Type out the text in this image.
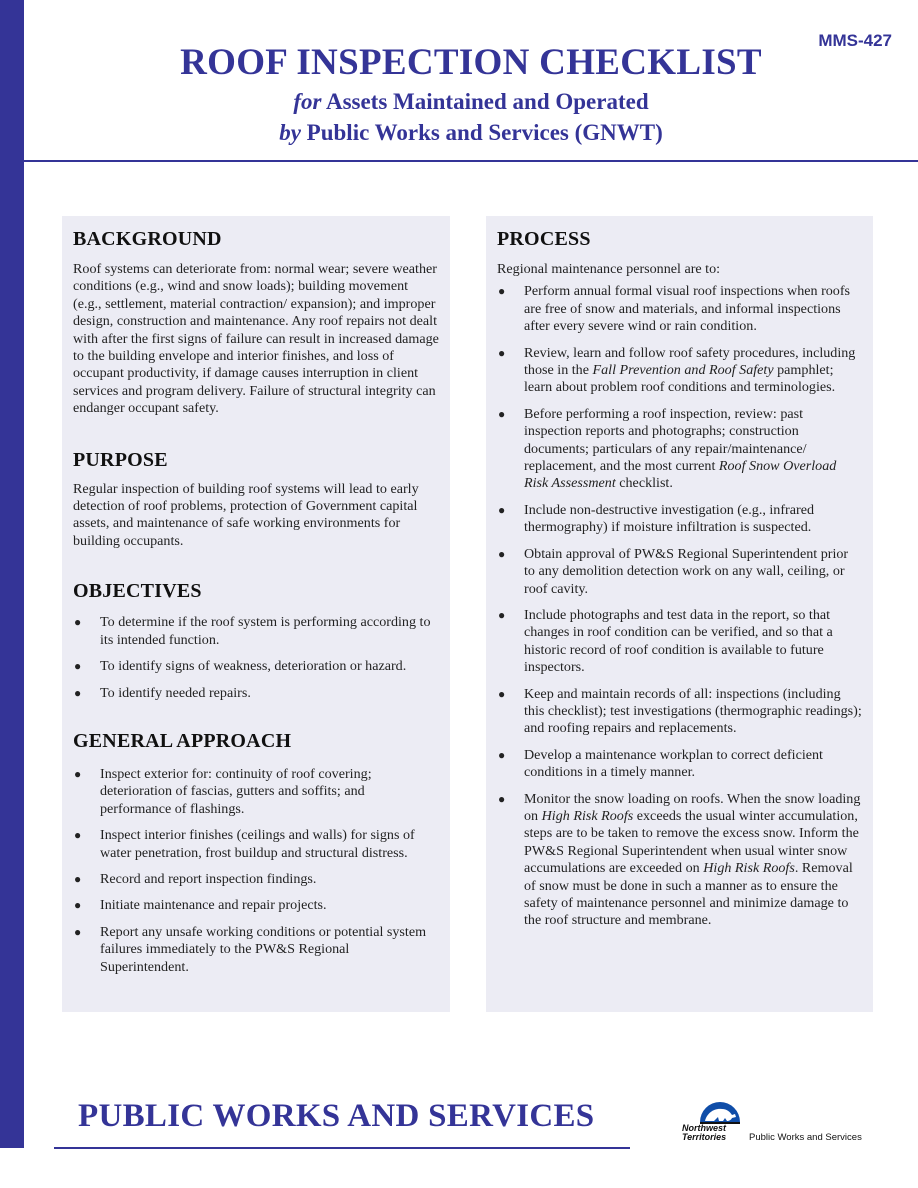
MMS-427
ROOF INSPECTION CHECKLIST
for Assets Maintained and Operated
by Public Works and Services (GNWT)
BACKGROUND

Roof systems can deteriorate from: normal wear; severe weather conditions (e.g., wind and snow loads); building movement (e.g., settlement, material contraction/ expansion); and improper design, construction and maintenance. Any roof repairs not dealt with after the first signs of failure can result in increased damage to the building envelope and interior finishes, and loss of occupant productivity, if damage causes interruption in client services and program delivery. Failure of structural integrity can endanger occupant safety.

PURPOSE

Regular inspection of building roof systems will lead to early detection of roof problems, protection of Government capital assets, and maintenance of safe working environments for building occupants.

OBJECTIVES
● To determine if the roof system is performing according to its intended function.
● To identify signs of weakness, deterioration or hazard.
● To identify needed repairs.
GENERAL APPROACH
● Inspect exterior for: continuity of roof covering; deterioration of fascias, gutters and soffits; and performance of flashings.
● Inspect interior finishes (ceilings and walls) for signs of water penetration, frost buildup and structural distress.
● Record and report inspection findings.
● Initiate maintenance and repair projects.
● Report any unsafe working conditions or potential system failures immediately to the PW&S Regional Superintendent.
PROCESS

Regional maintenance personnel are to:

● Perform annual formal visual roof inspections when roofs are free of snow and materials, and informal inspections after every severe wind or rain condition.
● Review, learn and follow roof safety procedures, including those in the Fall Prevention and Roof Safety pamphlet; learn about problem roof conditions and terminologies.
● Before performing a roof inspection, review: past inspection reports and photographs; construction documents; particulars of any repair/maintenance/ replacement, and the most current Roof Snow Overload Risk Assessment checklist.
● Include non-destructive investigation (e.g., infrared thermography) if moisture infiltration is suspected.
● Obtain approval of PW&S Regional Superintendent prior to any demolition detection work on any wall, ceiling, or roof cavity.
● Include photographs and test data in the report, so that changes in roof condition can be verified, and so that a historic record of roof condition is available to future inspectors.
● Keep and maintain records of all: inspections (including this checklist); test investigations (thermographic readings); and roofing repairs and replacements.
● Develop a maintenance workplan to correct deficient conditions in a timely manner.
● Monitor the snow loading on roofs. When the snow loading on High Risk Roofs exceeds the usual winter accumulation, steps are to be taken to remove the excess snow. Inform the PW&S Regional Superintendent when usual winter snow accumulations are exceeded on High Risk Roofs. Removal of snow must be done in such a manner as to ensure the safety of maintenance personnel and minimize damage to the roof structure and membrane.
PUBLIC WORKS AND SERVICES	Northwest
Territories Public Works and Services
